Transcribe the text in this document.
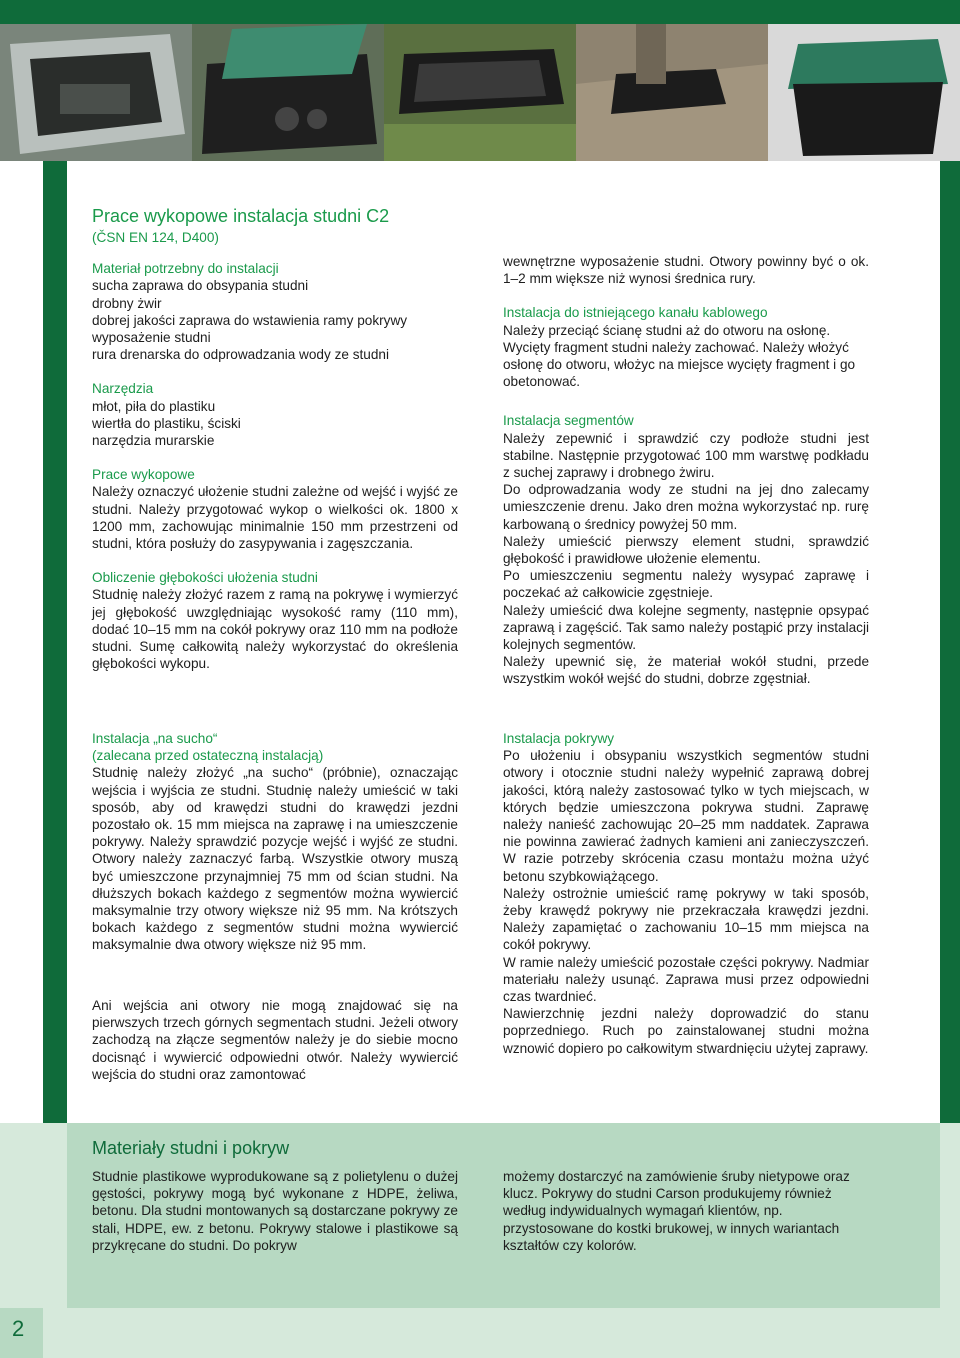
Prace wykopowe instalacja studni C2
(ČSN EN 124, D400)
Materiał potrzebny do instalacji
sucha zaprawa do obsypania studni
drobny żwir
dobrej jakości zaprawa do wstawienia ramy pokrywy
wyposażenie studni
rura drenarska do odprowadzania wody ze studni
Narzędzia
młot, piła do plastiku
wiertła do plastiku, ściski
narzędzia murarskie
Prace wykopowe

Należy oznaczyć ułożenie studni zależne od wejść i wyjść ze studni. Należy przygotować wykop o wielkości ok. 1800 x 1200 mm, zachowując minimalnie 150 mm przestrzeni od studni, która posłuży do zasypywania i zagęszczania.

Obliczenie głębokości ułożenia studni

Studnię należy złożyć razem z ramą na pokrywę i wymierzyć jej głębokość uwzględniając wysokość ramy (110 mm), dodać 10–15 mm na cokół pokrywy oraz 110 mm na podłoże studni. Sumę całkowitą należy wykorzystać do określenia głębokości wykopu.

Instalacja „na sucho“
(zalecana przed ostateczną instalacją)

Studnię należy złożyć „na sucho“ (próbnie), oznaczając wejścia i wyjścia ze studni. Studnię należy umieścić w taki sposób, aby od krawędzi studni do krawędzi jezdni pozostało ok. 15 mm miejsca na zaprawę i na umieszczenie pokrywy. Należy sprawdzić pozycje wejść i wyjść ze studni. Otwory należy zaznaczyć farbą. Wszystkie otwory muszą być umieszczone przynajmniej 75 mm od ścian studni. Na dłuższych bokach każdego z segmentów można wywiercić maksymalnie trzy otwory większe niż 95 mm. Na krótszych bokach każdego z segmentów studni można wywiercić maksymalnie dwa otwory większe niż 95 mm.

Ani wejścia ani otwory nie mogą znajdować się na pierwszych trzech górnych segmentach studni. Jeżeli otwory zachodzą na złącze segmentów należy je do siebie mocno docisnąć i wywiercić odpowiedni otwór. Należy wywiercić wejścia do studni oraz zamontować

wewnętrzne wyposażenie studni. Otwory powinny być o ok. 1–2 mm większe niż wynosi średnica rury.

Instalacja do istniejącego kanału kablowego

Należy przeciąć ścianę studni aż do otworu na osłonę. Wycięty fragment studni należy zachować. Należy włożyć osłonę do otworu, włożyc na miejsce wycięty fragment i go obetonować.

Instalacja segmentów

Należy zepewnić i sprawdzić czy podłoże studni jest stabilne. Następnie przygotować 100 mm warstwę podkładu z suchej zaprawy i drobnego żwiru.

Do odprowadzania wody ze studni na jej dno zalecamy umieszczenie drenu. Jako dren można wykorzystać np. rurę karbowaną o średnicy powyżej 50 mm.

Należy umieścić pierwszy element studni, sprawdzić głębokość i prawidłowe ułożenie elementu.

Po umieszczeniu segmentu należy wysypać zaprawę i poczekać aż całkowicie zgęstnieje.

Należy umieścić dwa kolejne segmenty, następnie opsypać zaprawą i zagęścić. Tak samo należy postąpić przy instalacji kolejnych segmentów.

Należy upewnić się, że materiał wokół studni, przede wszystkim wokół wejść do studni, dobrze zgęstniał.

Instalacja pokrywy

Po ułożeniu i obsypaniu wszystkich segmentów studni otwory i otocznie studni należy wypełnić zaprawą dobrej jakości, którą należy zastosować tylko w tych miejscach, w których będzie umieszczona pokrywa studni. Zaprawę należy nanieść zachowując 20–25 mm naddatek. Zaprawa nie powinna zawierać żadnych kamieni ani zanieczyszczeń. W razie potrzeby skrócenia czasu montażu można użyć betonu szybkowiążącego.

Należy ostrożnie umieścić ramę pokrywy w taki sposób, żeby krawędź pokrywy nie przekraczała krawędzi jezdni. Należy zapamiętać o zachowaniu 10–15 mm miejsca na cokół pokrywy.

W ramie należy umieścić pozostałe części pokrywy. Nadmiar materiału należy usunąć. Zaprawa musi przez odpowiedni czas twardnieć.

Nawierzchnię jezdni należy doprowadzić do stanu poprzedniego. Ruch po zainstalowanej studni można wznowić dopiero po całkowitym stwardnięciu użytej zaprawy.

Materiały studni i pokryw

Studnie plastikowe wyprodukowane są z polietylenu o dużej gęstości, pokrywy mogą być wykonane z HDPE, żeliwa, betonu. Dla studni montowanych są dostarczane pokrywy ze stali, HDPE, ew. z betonu. Pokrywy stalowe i plastikowe są przykręcane do studni. Do pokryw

możemy dostarczyć na zamówienie śruby nietypowe oraz klucz. Pokrywy do studni Carson produkujemy również według indywidualnych wymagań klientów, np. przystosowane do kostki brukowej, w innych wariantach kształtów czy kolorów.

2
